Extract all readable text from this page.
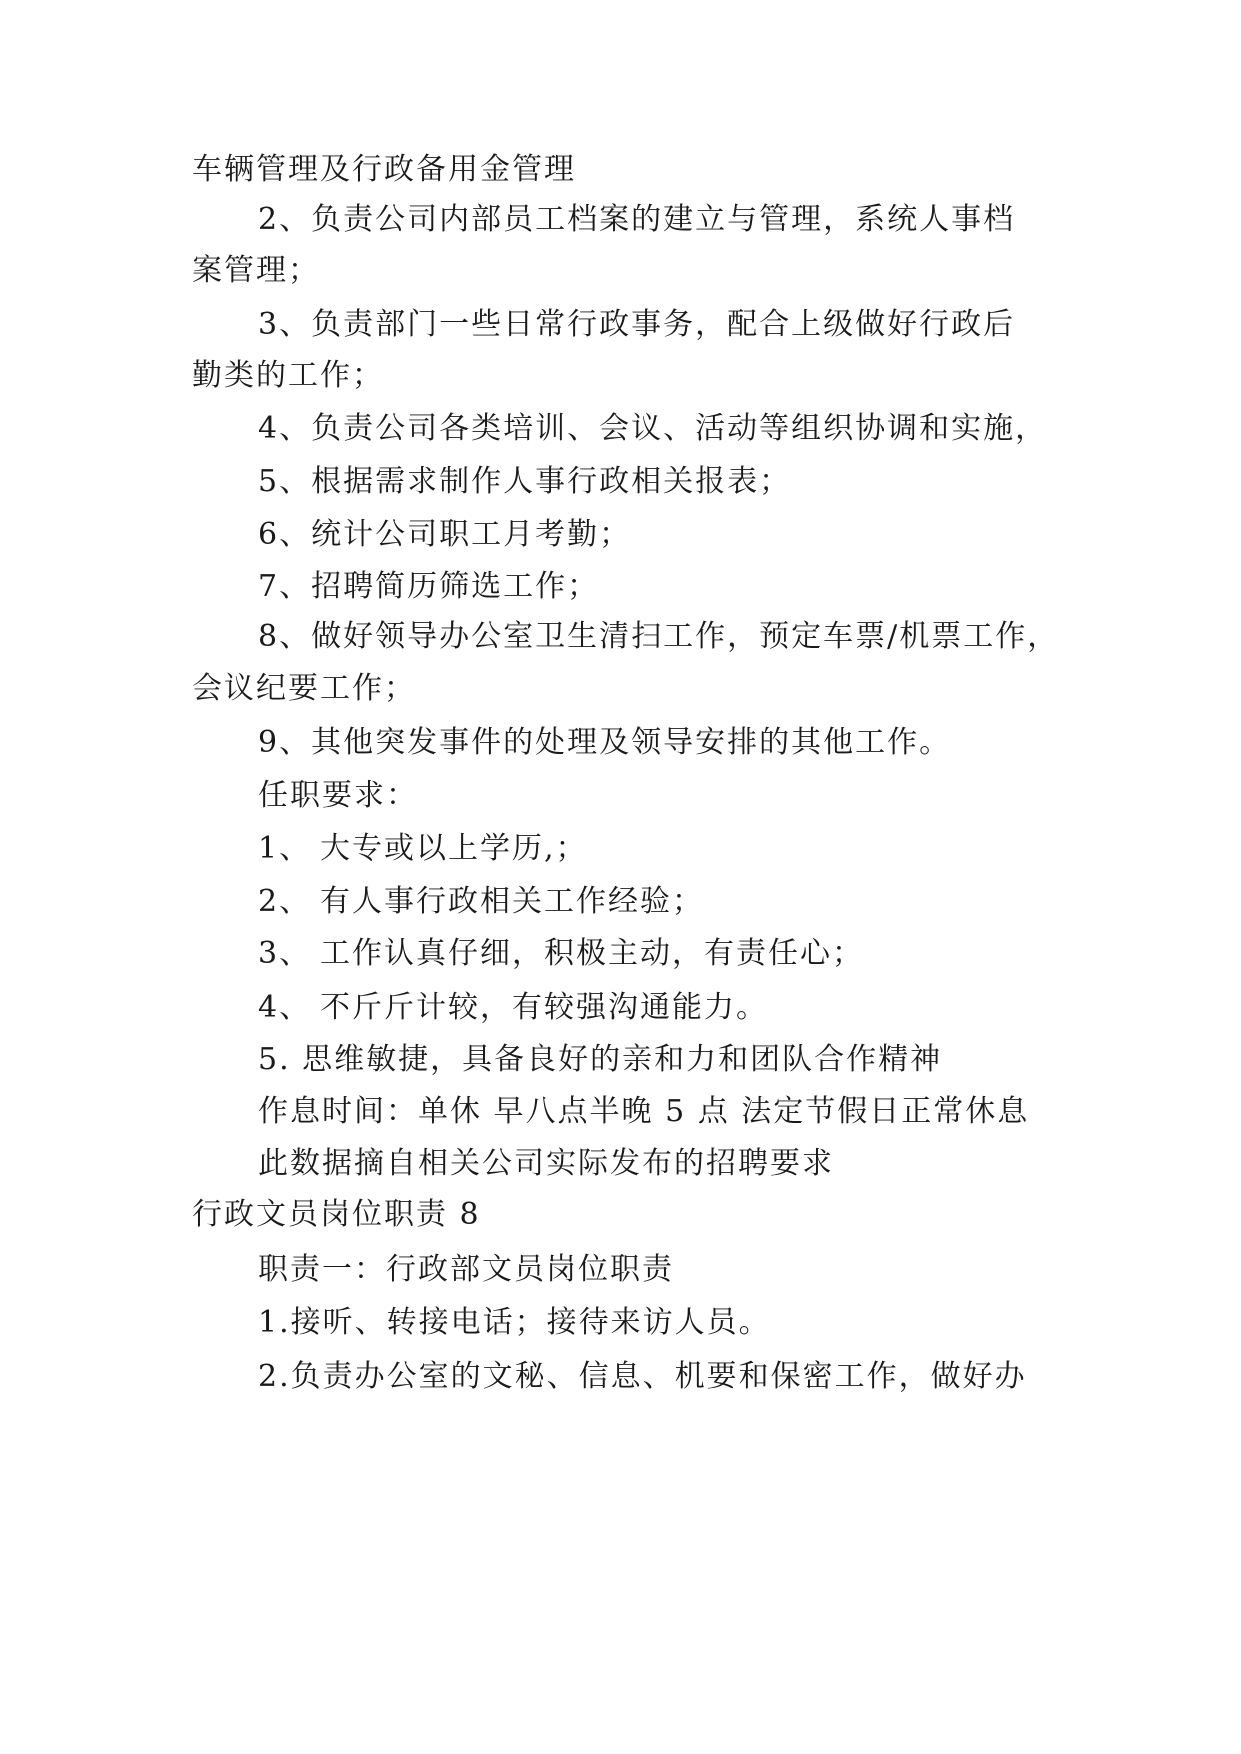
车辆管理及行政备用金管理
2、负责公司内部员工档案的建立与管理，系统人事档
案管理；
3、负责部门一些日常行政事务，配合上级做好行政后
勤类的工作；
4、负责公司各类培训、会议、活动等组织协调和实施，
5、根据需求制作人事行政相关报表；
6、统计公司职工月考勤；
7、招聘简历筛选工作；
8、做好领导办公室卫生清扫工作，预定车票/机票工作，
会议纪要工作；
9、其他突发事件的处理及领导安排的其他工作。
任职要求：
1、 大专或以上学历,；
2、 有人事行政相关工作经验；
3、 工作认真仔细，积极主动，有责任心；
4、 不斤斤计较，有较强沟通能力。
5. 思维敏捷，具备良好的亲和力和团队合作精神
作息时间：单休 早八点半晚 5 点 法定节假日正常休息
此数据摘自相关公司实际发布的招聘要求
行政文员岗位职责 8
职责一：行政部文员岗位职责
1.接听、转接电话；接待来访人员。
2.负责办公室的文秘、信息、机要和保密工作，做好办
